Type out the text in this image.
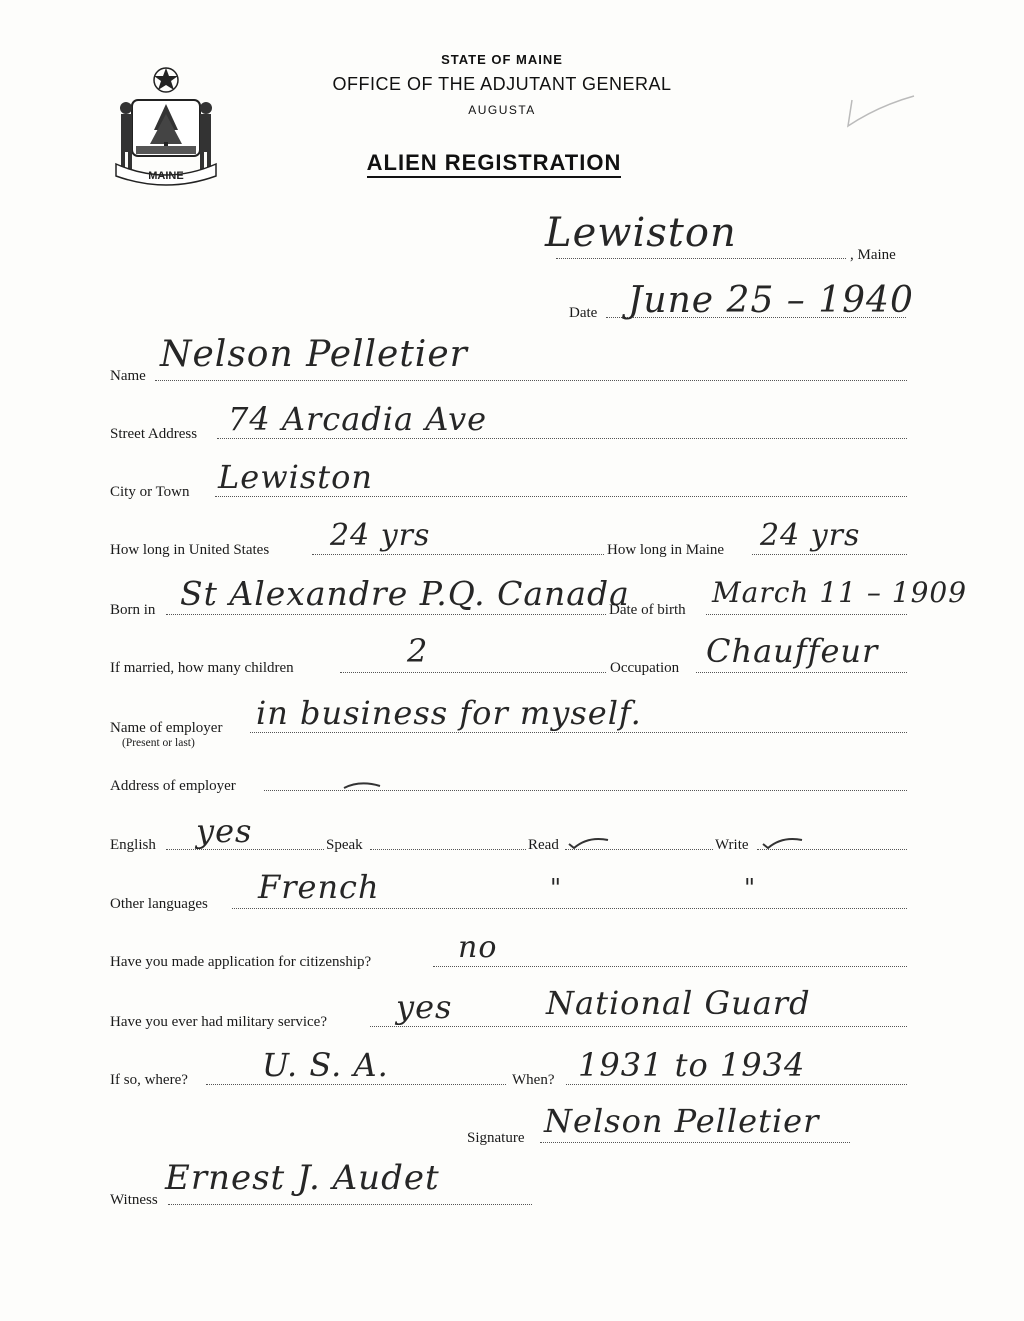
MAINE
STATE OF MAINE
OFFICE OF THE ADJUTANT GENERAL
AUGUSTA
ALIEN REGISTRATION
Lewiston	, Maine
Date June 25 – 1940
Name
Nelson Pelletier
Street Address 74 Arcadia Ave
City or Town Lewiston
How long in United States 24 yrs	How long in Maine 24 yrs
Born in St Alexandre P.Q. Canada
Date of birth
March 11 – 1909
If married, how many children	2	Occupation Chauffeur
Name of employer
(Present or last)
in business for myself.
Address of employer
English yes	Speak	Read	Write
Other languages French	"	"
Have you made application for citizenship?	no
Have you ever had military service? yes	National Guard
If so, where? U. S. A.	When? 1931 to 1934
Signature Nelson Pelletier
Witness
Ernest J. Audet
